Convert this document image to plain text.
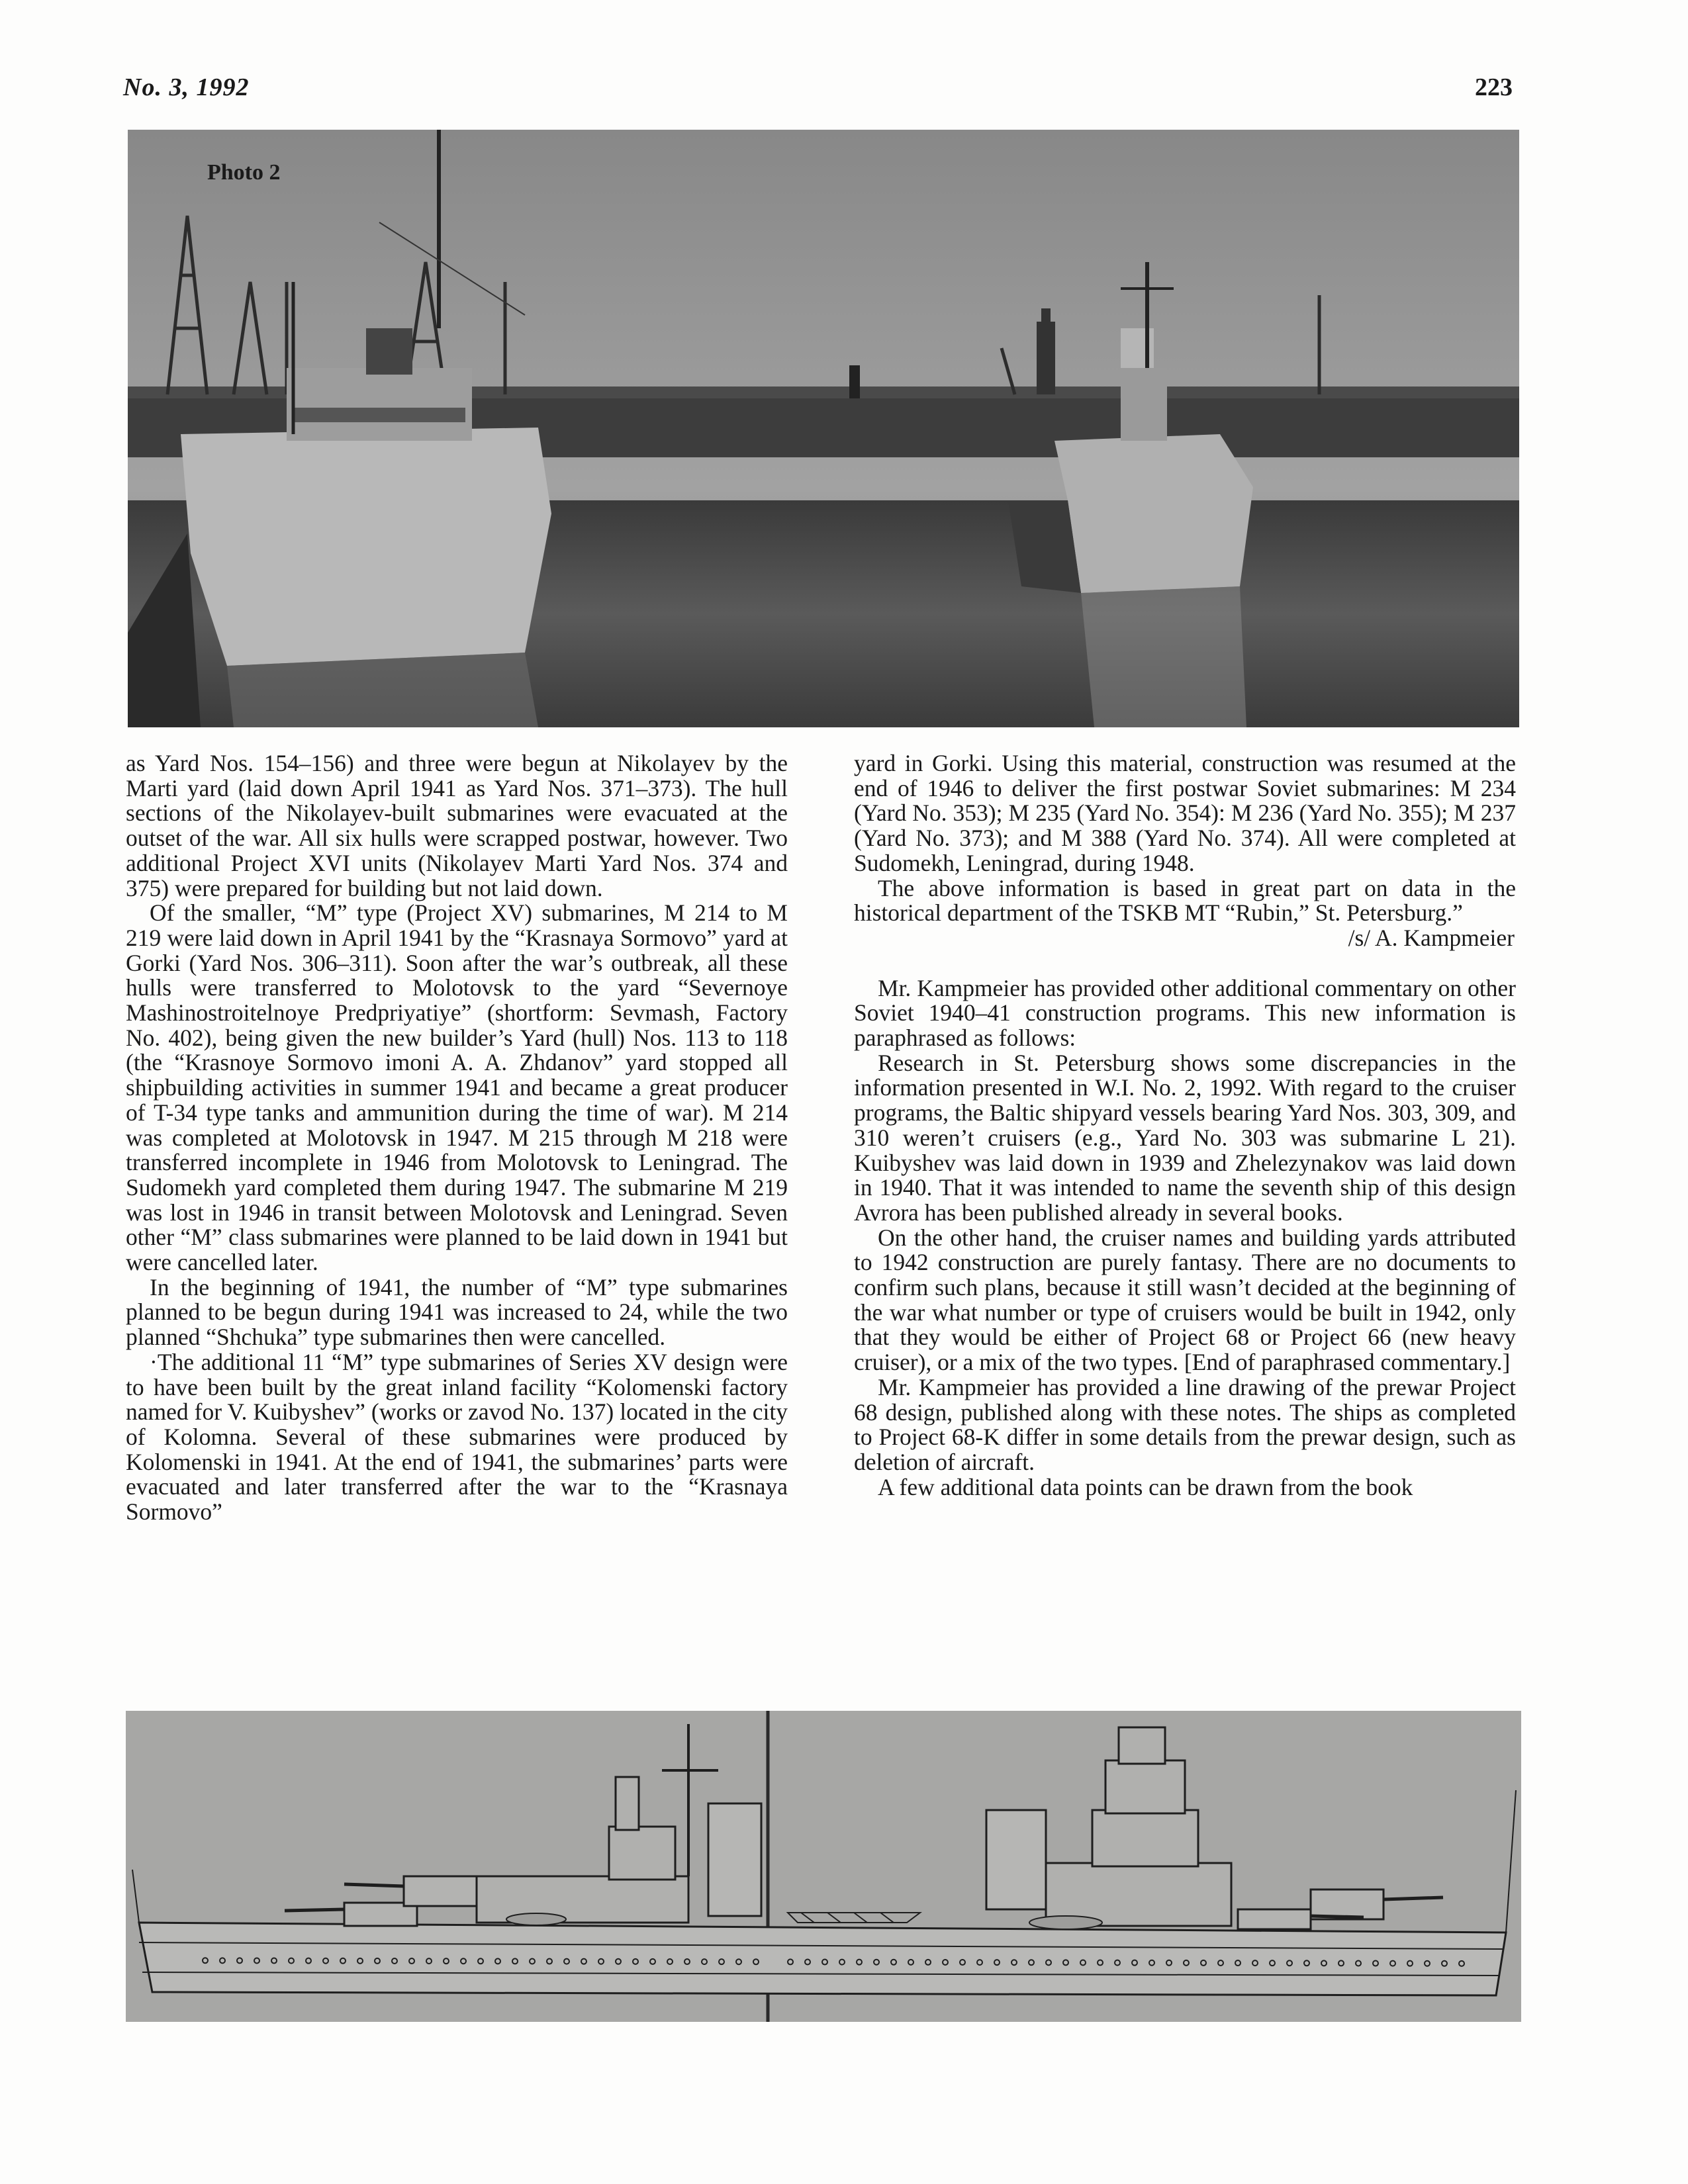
No. 3, 1992	223
Photo 2

as Yard Nos. 154–156) and three were begun at Nikolayev by the Marti yard (laid down April 1941 as Yard Nos. 371–373). The hull sections of the Nikolayev-built submarines were evacuated at the outset of the war. All six hulls were scrapped postwar, however. Two additional Project XVI units (Nikolayev Marti Yard Nos. 374 and 375) were prepared for building but not laid down.

Of the smaller, “M” type (Project XV) submarines, M 214 to M 219 were laid down in April 1941 by the “Krasnaya Sormovo” yard at Gorki (Yard Nos. 306–311). Soon after the war’s outbreak, all these hulls were transferred to Molotovsk to the yard “Severnoye Mashinostroitelnoye Predpriyatiye” (shortform: Sevmash, Factory No. 402), being given the new builder’s Yard (hull) Nos. 113 to 118 (the “Krasnoye Sormovo imoni A. A. Zhdanov” yard stopped all shipbuilding activities in summer 1941 and became a great producer of T-34 type tanks and ammunition during the time of war). M 214 was completed at Molotovsk in 1947. M 215 through M 218 were transferred incomplete in 1946 from Molotovsk to Leningrad. The Sudomekh yard completed them during 1947. The submarine M 219 was lost in 1946 in transit between Molotovsk and Leningrad. Seven other “M” class submarines were planned to be laid down in 1941 but were cancelled later.

In the beginning of 1941, the number of “M” type submarines planned to be begun during 1941 was increased to 24, while the two planned “Shchuka” type submarines then were cancelled.

·The additional 11 “M” type submarines of Series XV design were to have been built by the great inland facility “Kolomenski factory named for V. Kuibyshev” (works or zavod No. 137) located in the city of Kolomna. Several of these submarines were produced by Kolomenski in 1941. At the end of 1941, the submarines’ parts were evacuated and later transferred after the war to the “Krasnaya Sormovo”

yard in Gorki. Using this material, construction was resumed at the end of 1946 to deliver the first postwar Soviet submarines: M 234 (Yard No. 353); M 235 (Yard No. 354): M 236 (Yard No. 355); M 237 (Yard No. 373); and M 388 (Yard No. 374). All were completed at Sudomekh, Leningrad, during 1948.

The above information is based in great part on data in the historical department of the TSKB MT “Rubin,” St. Petersburg.”

/s/ A. Kampmeier

Mr. Kampmeier has provided other additional commentary on other Soviet 1940–41 construction programs. This new information is paraphrased as follows:

Research in St. Petersburg shows some discrepancies in the information presented in W.I. No. 2, 1992. With regard to the cruiser programs, the Baltic shipyard vessels bearing Yard Nos. 303, 309, and 310 weren’t cruisers (e.g., Yard No. 303 was submarine L 21). Kuibyshev was laid down in 1939 and Zhelezynakov was laid down in 1940. That it was intended to name the seventh ship of this design Avrora has been published already in several books.

On the other hand, the cruiser names and building yards attributed to 1942 construction are purely fantasy. There are no documents to confirm such plans, because it still wasn’t decided at the beginning of the war what number or type of cruisers would be built in 1942, only that they would be either of Project 68 or Project 66 (new heavy cruiser), or a mix of the two types. [End of paraphrased commentary.]

Mr. Kampmeier has provided a line drawing of the prewar Project 68 design, published along with these notes. The ships as completed to Project 68-K differ in some details from the prewar design, such as deletion of aircraft.

A few additional data points can be drawn from the book
